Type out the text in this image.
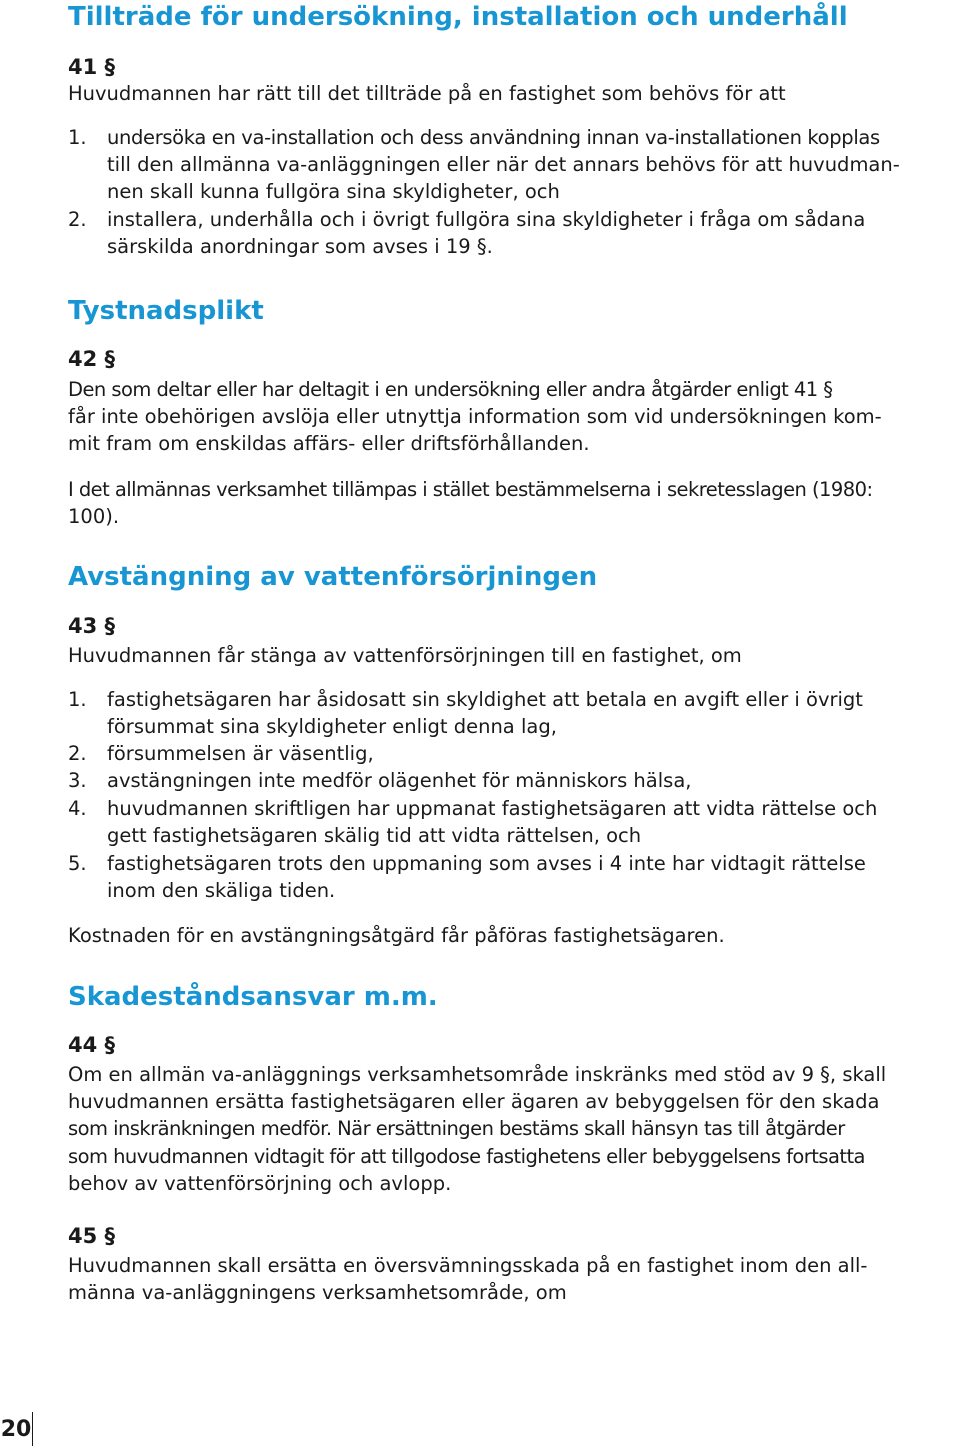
Tillträde för undersökning, installation och underhåll

41 §

Huvudmannen har rätt till det tillträde på en fastighet som behövs för att

1. undersöka en va-installation och dess användning innan va-installationen kopplas

till den allmänna va-anläggningen eller när det annars behövs för att huvudman-

nen skall kunna fullgöra sina skyldigheter, och

2. installera, underhålla och i övrigt fullgöra sina skyldigheter i fråga om sådana

särskilda anordningar som avses i 19 §.

Tystnadsplikt

42 §

Den som deltar eller har deltagit i en undersökning eller andra åtgärder enligt 41 §

får inte obehörigen avslöja eller utnyttja information som vid undersökningen kom-

mit fram om enskildas affärs- eller driftsförhållanden.

I det allmännas verksamhet tillämpas i stället bestämmelserna i sekretesslagen (1980:

100).

Avstängning av vattenförsörjningen

43 §

Huvudmannen får stänga av vattenförsörjningen till en fastighet, om

1. fastighetsägaren har åsidosatt sin skyldighet att betala en avgift eller i övrigt

försummat sina skyldigheter enligt denna lag,

2. försummelsen är väsentlig,

3. avstängningen inte medför olägenhet för människors hälsa,

4. huvudmannen skriftligen har uppmanat fastighetsägaren att vidta rättelse och

gett fastighetsägaren skälig tid att vidta rättelsen, och

5. fastighetsägaren trots den uppmaning som avses i 4 inte har vidtagit rättelse

inom den skäliga tiden.

Kostnaden för en avstängningsåtgärd får påföras fastighetsägaren.

Skadeståndsansvar m.m.

44 §

Om en allmän va-anläggnings verksamhetsområde inskränks med stöd av 9 §, skall

huvudmannen ersätta fastighetsägaren eller ägaren av bebyggelsen för den skada

som inskränkningen medför. När ersättningen bestäms skall hänsyn tas till åtgärder

som huvudmannen vidtagit för att tillgodose fastighetens eller bebyggelsens fortsatta

behov av vattenförsörjning och avlopp.

45 §

Huvudmannen skall ersätta en översvämningsskada på en fastighet inom den all-

männa va-anläggningens verksamhetsområde, om

20
